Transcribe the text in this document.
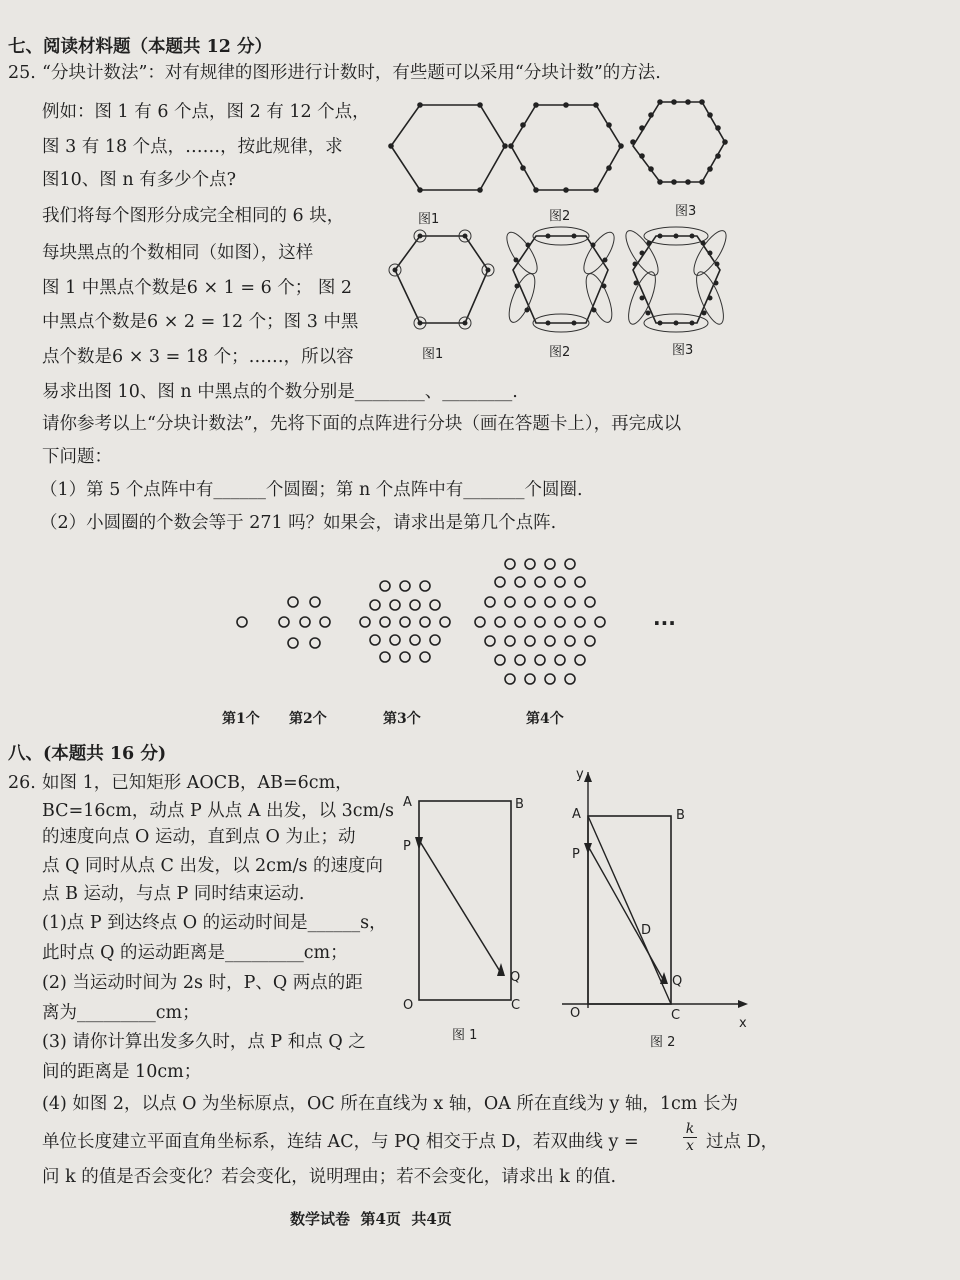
七、阅读材料题（本题共 12 分）
25. “分块计数法”：对有规律的图形进行计数时，有些题可以采用“分块计数”的方法.
例如：图 1 有 6 个点，图 2 有 12 个点，
图 3 有 18 个点，……，按此规律，求
图10、图 n 有多少个点?
我们将每个图形分成完全相同的 6 块，
每块黑点的个数相同（如图），这样
图 1 中黑点个数是6 × 1 = 6 个； 图 2
中黑点个数是6 × 2 = 12 个；图 3 中黑
点个数是6 × 3 = 18 个；……，所以容
易求出图 10、图 n 中黑点的个数分别是________、________.
请你参考以上“分块计数法”，先将下面的点阵进行分块（画在答题卡上），再完成以
下问题：
（1）第 5 个点阵中有______个圆圈；第 n 个点阵中有_______个圆圈.
（2）小圆圈的个数会等于 271 吗？如果会，请求出是第几个点阵.
图1	图2	图3
图1	图2	图3
···
第1个 第2个	第3个	第4个
八、(本题共 16 分)
26. 如图 1，已知矩形 AOCB，AB=6cm，
BC=16cm，动点 P 从点 A 出发，以 3cm/s
的速度向点 O 运动，直到点 O 为止；动
点 Q 同时从点 C 出发，以 2cm/s 的速度向
点 B 运动，与点 P 同时结束运动.
(1)点 P 到达终点 O 的运动时间是______s，
此时点 Q 的运动距离是_________cm；
(2) 当运动时间为 2s 时，P、Q 两点的距
离为_________cm；
(3) 请你计算出发多久时，点 P 和点 Q 之
间的距离是 10cm；
(4) 如图 2，以点 O 为坐标原点，OC 所在直线为 x 轴，OA 所在直线为 y 轴，1cm 长为
单位长度建立平面直角坐标系，连结 AC，与 PQ 相交于点 D，若双曲线 y =	$\frac{k}{x}$ 过点 D，
问 k 的值是否会变化？若会变化，说明理由；若不会变化，请求出 k 的值.
A	B
P
Q
O	C
图 1
y
A	B
P
D
Q
O	C
x
图 2
数学试卷  第4页  共4页
